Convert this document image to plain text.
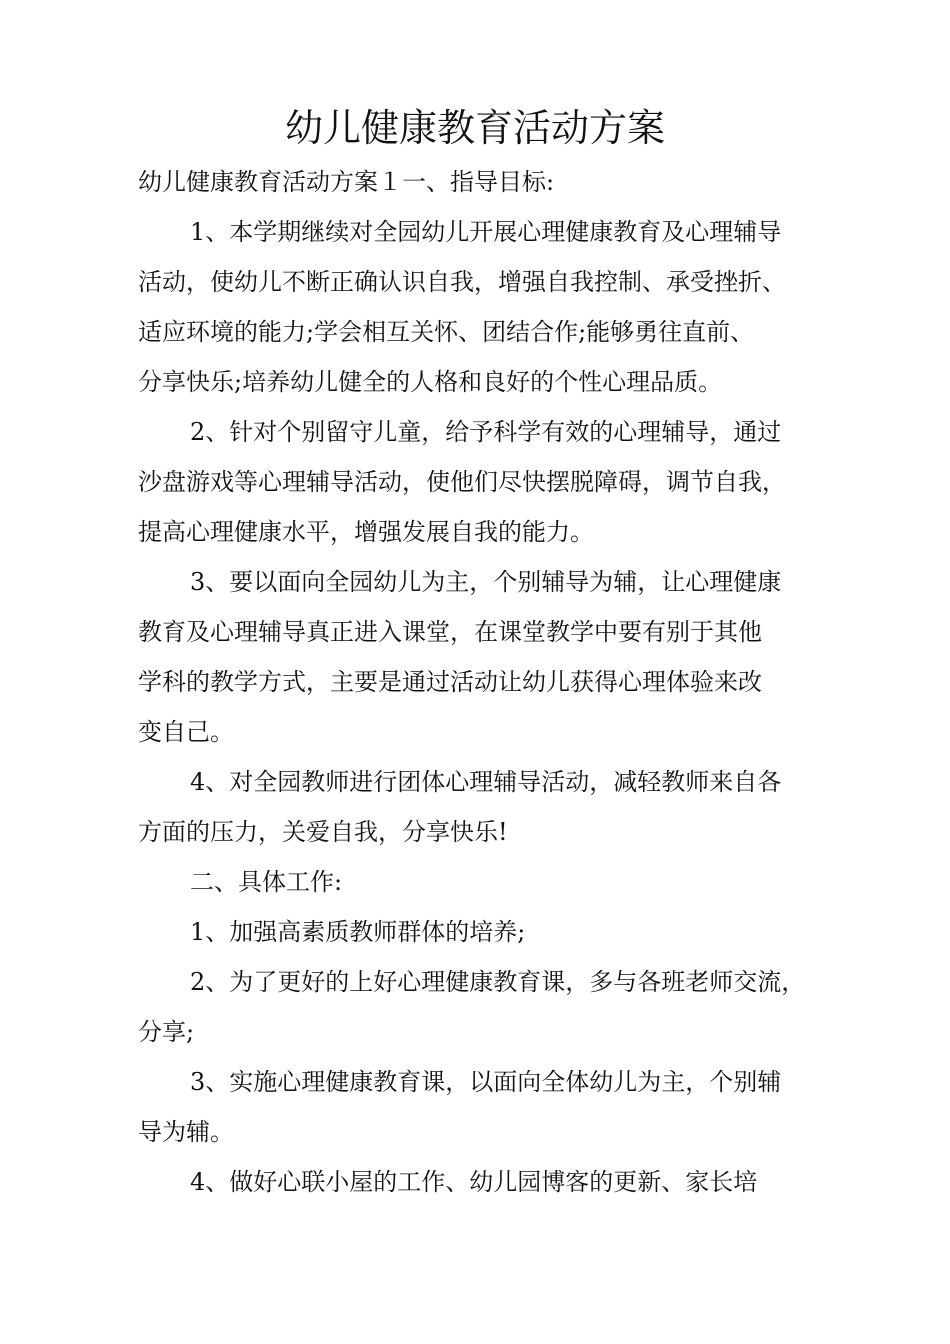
幼儿健康教育活动方案
幼儿健康教育活动方案１一、指导目标:
1、本学期继续对全园幼儿开展心理健康教育及心理辅导
活动，使幼儿不断正确认识自我，增强自我控制、承受挫折、
适应环境的能力;学会相互关怀、团结合作;能够勇往直前、
分享快乐;培养幼儿健全的人格和良好的个性心理品质。
2、针对个别留守儿童，给予科学有效的心理辅导，通过
沙盘游戏等心理辅导活动，使他们尽快摆脱障碍，调节自我，
提高心理健康水平，增强发展自我的能力。
3、要以面向全园幼儿为主，个别辅导为辅，让心理健康
教育及心理辅导真正进入课堂，在课堂教学中要有别于其他
学科的教学方式，主要是通过活动让幼儿获得心理体验来改
变自己。
4、对全园教师进行团体心理辅导活动，减轻教师来自各
方面的压力，关爱自我，分享快乐!
二、具体工作:
1、加强高素质教师群体的培养;
2、为了更好的上好心理健康教育课，多与各班老师交流，
分享;
3、实施心理健康教育课，以面向全体幼儿为主，个别辅
导为辅。
4、做好心联小屋的工作、幼儿园博客的更新、家长培
